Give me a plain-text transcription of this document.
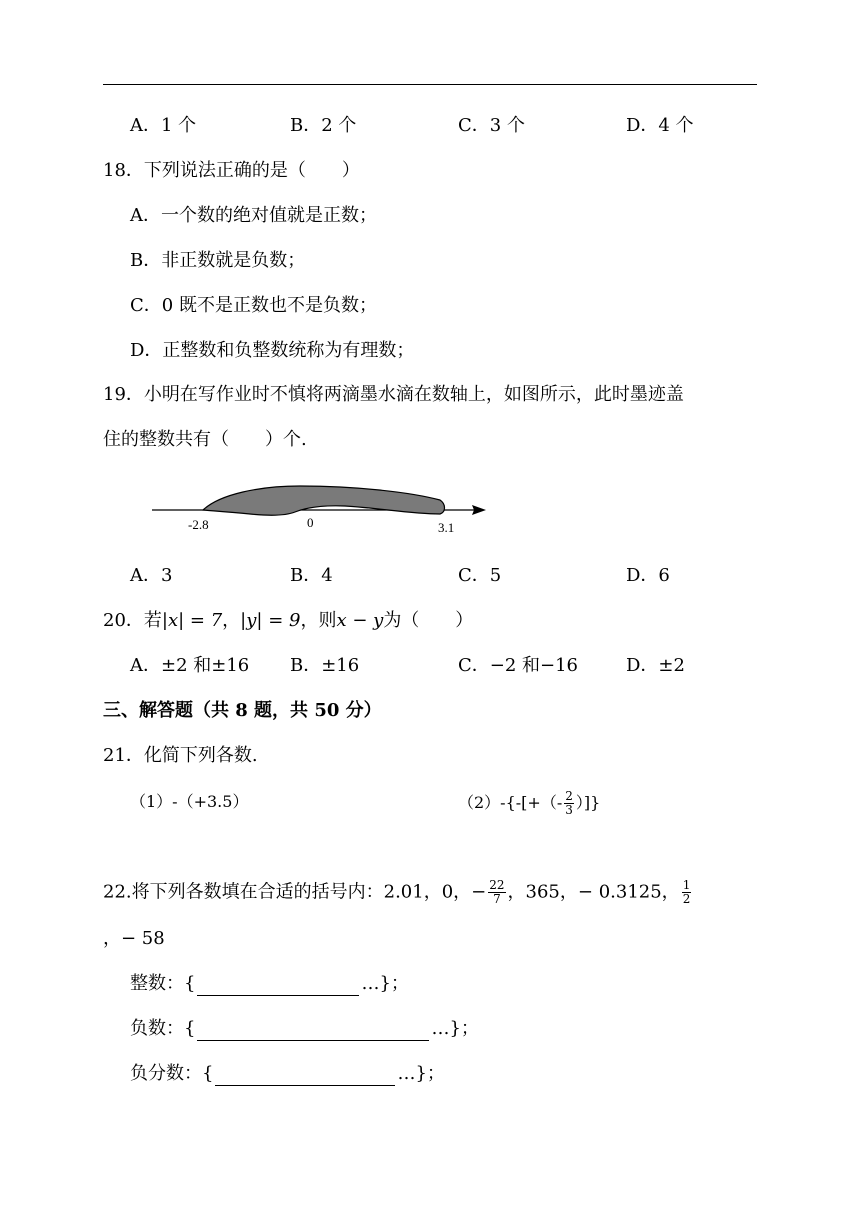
A．1 个	B．2 个	C．3 个	D．4 个
18．下列说法正确的是（　　）
A．一个数的绝对值就是正数；
B．非正数就是负数；
C．0 既不是正数也不是负数；
D．正整数和负整数统称为有理数；
19．小明在写作业时不慎将两滴墨水滴在数轴上，如图所示，此时墨迹盖
住的整数共有（　　）个.
-2.8	0	3.1
A．3	B．4	C．5	D．6
20．若|x| = 7，|y| = 9，则x − y为（　　）
A．±2 和±16 B．±16	C．−2 和−16	D．±2
三、解答题（共 8 题，共 50 分）
21．化简下列各数.
（1）-（+3.5）	$(2)-\{-[+(- \frac{2}{3}$ ）]}
22.将下列各数填在合适的括号内：2.01，0，− $\frac{22}{7}$ ，365，− 0.3125， $\frac{1}{2}$
，− 58
整数：{	…}；
负数：{	…}；
负分数：{	…}；
